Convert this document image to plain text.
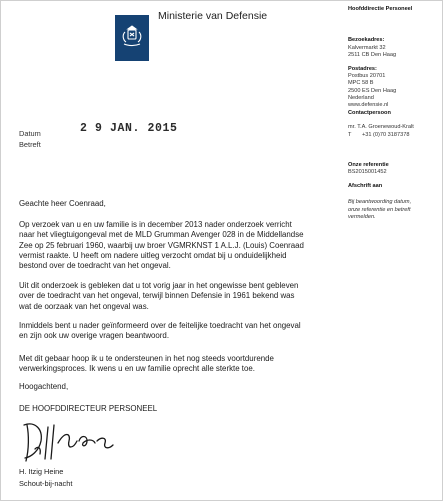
Ministerie van Defensie
Hoofddirectie Personeel
Bezoekadres:
Kalvermarkt 32
2511 CB Den Haag
Postadres:
Postbus 20701
MPC 58 B
2500 ES Den Haag
Nederland
www.defensie.nl
Contactpersoon
mr. T.A. Groenewoud-Kralt
T +31 (0)70 3187378
Onze referentie
BS2015001452
Afschrift aan
Bij beantwoording datum, onze referentie en betreft vermelden.
Datum
Betreft
2 9 JAN. 2015
Geachte heer Coenraad,

Op verzoek van u en uw familie is in december 2013 nader onderzoek verricht

naar het vliegtuigongeval met de MLD Grumman Avenger 028 in de Middellandse

Zee op 25 februari 1960, waarbij uw broer VGMRKNST 1 A.L.J. (Louis) Coenraad

vermist raakte. U heeft om nadere uitleg verzocht omdat bij u onduidelijkheid

bestond over de toedracht van het ongeval.

Uit dit onderzoek is gebleken dat u tot vorig jaar in het ongewisse bent gebleven

over de toedracht van het ongeval, terwijl binnen Defensie in 1961 bekend was

wat de oorzaak van het ongeval was.

Inmiddels bent u nader geïnformeerd over de feitelijke toedracht van het ongeval

en zijn ook uw overige vragen beantwoord.

Met dit gebaar hoop ik u te ondersteunen in het nog steeds voortdurende

verwerkingsproces. Ik wens u en uw familie oprecht alle sterkte toe.

Hoogachtend,
DE HOOFDDIRECTEUR PERSONEEL
H. Itzig Heine
Schout-bij-nacht
